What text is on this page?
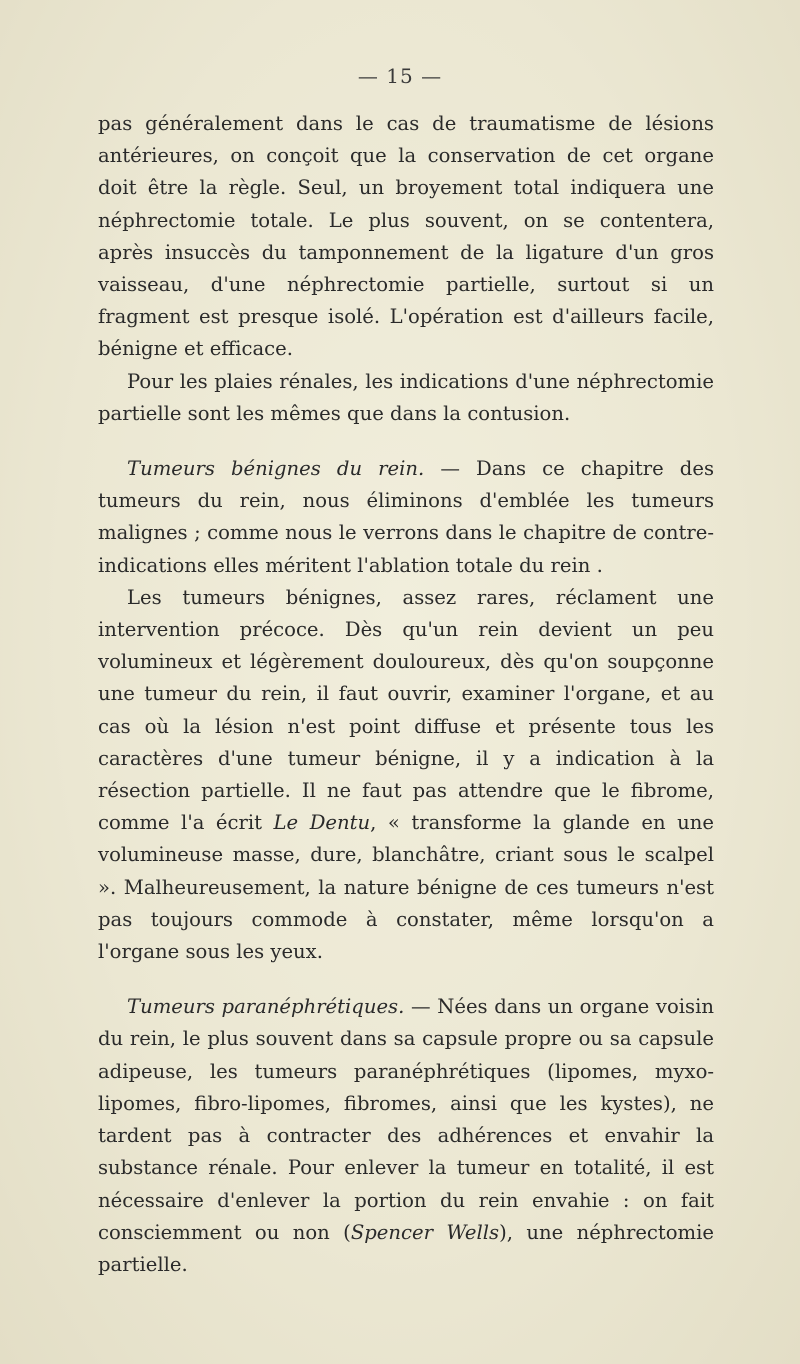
— 15 —

pas généralement dans le cas de traumatisme de lésions antérieures, on conçoit que la conservation de cet organe doit être la règle. Seul, un broyement total indiquera une néphrectomie totale. Le plus souvent, on se contentera, après insuccès du tamponnement de la ligature d'un gros vaisseau, d'une néphrectomie partielle, surtout si un fragment est presque isolé. L'opération est d'ailleurs facile, bénigne et efficace.

Pour les plaies rénales, les indications d'une néphrectomie partielle sont les mêmes que dans la contusion.

Tumeurs bénignes du rein. — Dans ce chapitre des tumeurs du rein, nous éliminons d'emblée les tumeurs malignes ; comme nous le verrons dans le chapitre de contre-indications elles méritent l'ablation totale du rein .

Les tumeurs bénignes, assez rares, réclament une intervention précoce. Dès qu'un rein devient un peu volumineux et légèrement douloureux, dès qu'on soupçonne une tumeur du rein, il faut ouvrir, examiner l'organe, et au cas où la lésion n'est point diffuse et présente tous les caractères d'une tumeur bénigne, il y a indication à la résection partielle. Il ne faut pas attendre que le fibrome, comme l'a écrit Le Dentu, « transforme la glande en une volumineuse masse, dure, blanchâtre, criant sous le scalpel ». Malheureusement, la nature bénigne de ces tumeurs n'est pas toujours commode à constater, même lorsqu'on a l'organe sous les yeux.

Tumeurs paranéphrétiques. — Nées dans un organe voisin du rein, le plus souvent dans sa capsule propre ou sa capsule adipeuse, les tumeurs paranéphrétiques (lipomes, myxo-lipomes, fibro-lipomes, fibromes, ainsi que les kystes), ne tardent pas à contracter des adhérences et envahir la substance rénale. Pour enlever la tumeur en totalité, il est nécessaire d'enlever la portion du rein envahie : on fait consciemment ou non (Spencer Wells), une néphrectomie partielle.
